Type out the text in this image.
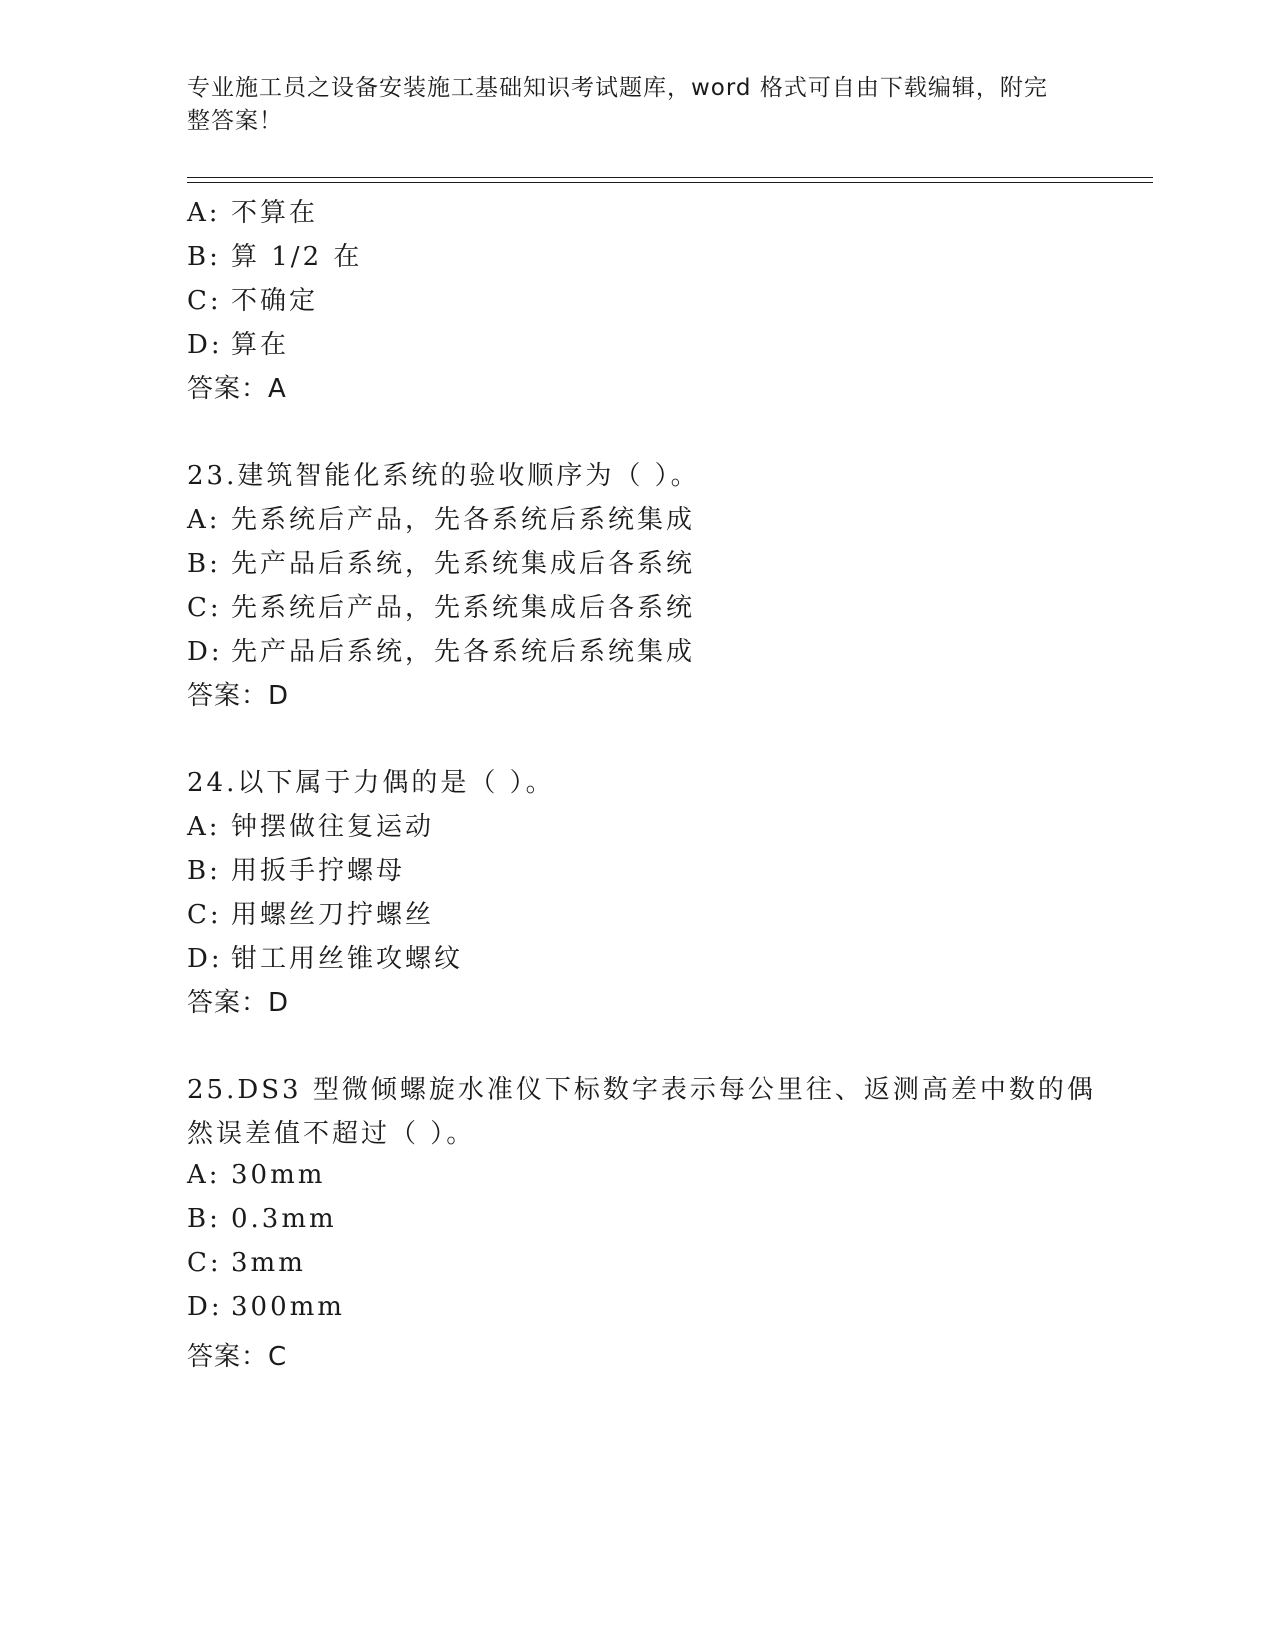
专业施工员之设备安装施工基础知识考试题库，word 格式可自由下载编辑，附完
整答案！
A: 不算在
B: 算 1/2 在
C: 不确定
D: 算在
答案：A
23.建筑智能化系统的验收顺序为（ ）。
A: 先系统后产品，先各系统后系统集成
B: 先产品后系统，先系统集成后各系统
C: 先系统后产品，先系统集成后各系统
D: 先产品后系统，先各系统后系统集成
答案：D
24.以下属于力偶的是（ ）。
A: 钟摆做往复运动
B: 用扳手拧螺母
C: 用螺丝刀拧螺丝
D: 钳工用丝锥攻螺纹
答案：D
25.DS3 型微倾螺旋水准仪下标数字表示每公里往、返测高差中数的偶
然误差值不超过（ ）。
A: 30mm
B: 0.3mm
C: 3mm
D: 300mm
答案：C
